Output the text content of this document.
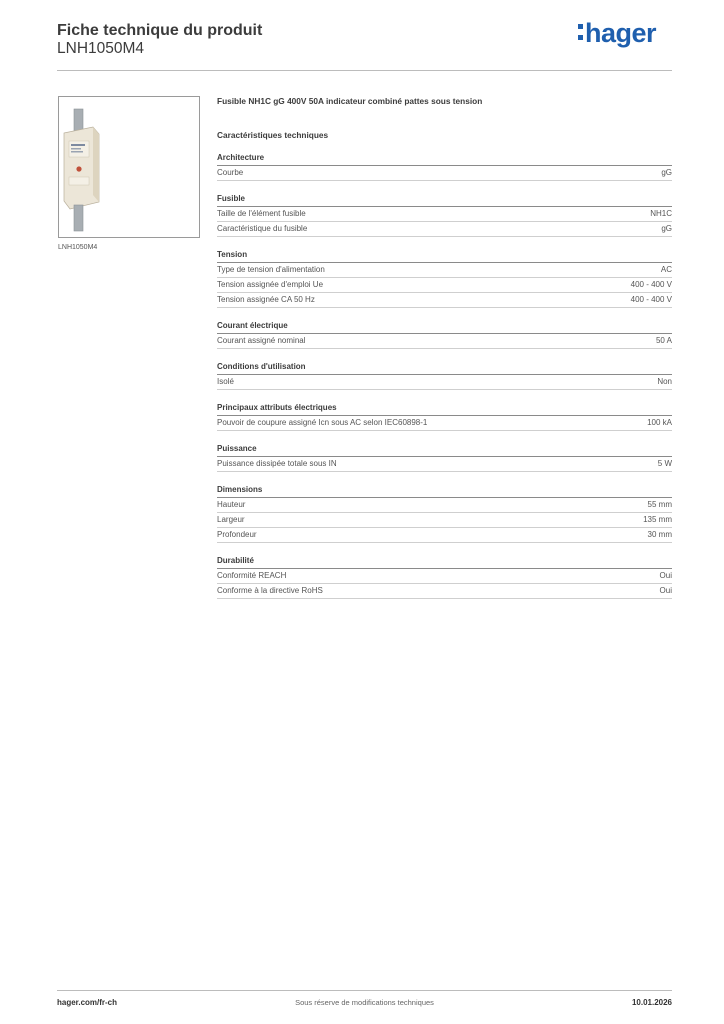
Fiche technique du produit
LNH1050M4
hager
LNH1050M4
Fusible NH1C gG 400V 50A indicateur combiné pattes sous tension
Caractéristiques techniques
Architecture
Courbe	gG
Fusible
Taille de l'élément fusible	NH1C
Caractéristique du fusible	gG
Tension
Type de tension d'alimentation	AC
Tension assignée d'emploi Ue	400 - 400 V
Tension assignée CA 50 Hz	400 - 400 V
Courant électrique
Courant assigné nominal	50 A
Conditions d'utilisation
Isolé	Non
Principaux attributs électriques
Pouvoir de coupure assigné Icn sous AC selon IEC60898-1	100 kA
Puissance
Puissance dissipée totale sous IN	5 W
Dimensions
Hauteur	55 mm
Largeur	135 mm
Profondeur	30 mm
Durabilité
Conformité REACH	Oui
Conforme à la directive RoHS	Oui
hager.com/fr-ch	Sous réserve de modifications techniques	10.01.2026
